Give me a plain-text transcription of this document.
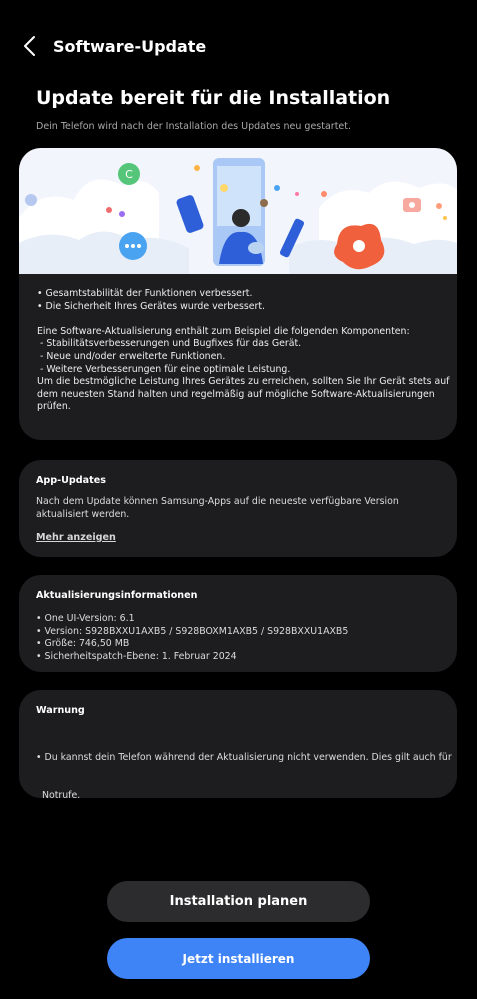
Software-Update
Update bereit für die Installation
Dein Telefon wird nach der Installation des Updates neu gestartet.
C
• Gesamtstabilität der Funktionen verbessert.
• Die Sicherheit Ihres Gerätes wurde verbessert.
Eine Software-Aktualisierung enthält zum Beispiel die folgenden Komponenten:
- Stabilitätsverbesserungen und Bugfixes für das Gerät.
- Neue und/oder erweiterte Funktionen.
- Weitere Verbesserungen für eine optimale Leistung.
Um die bestmögliche Leistung Ihres Gerätes zu erreichen, sollten Sie Ihr Gerät stets auf
dem neuesten Stand halten und regelmäßig auf mögliche Software-Aktualisierungen
prüfen.
App-Updates
Nach dem Update können Samsung-Apps auf die neueste verfügbare Version aktualisiert werden.
Mehr anzeigen
Aktualisierungsinformationen
• One UI-Version: 6.1
• Version: S928BXXU1AXB5 / S928BOXM1AXB5 / S928BXXU1AXB5
• Größe: 746,50 MB
• Sicherheitspatch-Ebene: 1. Februar 2024
Warnung

• Du kannst dein Telefon während der Aktualisierung nicht verwenden. Dies gilt auch für

Notrufe.

Installation planen
Jetzt installieren
